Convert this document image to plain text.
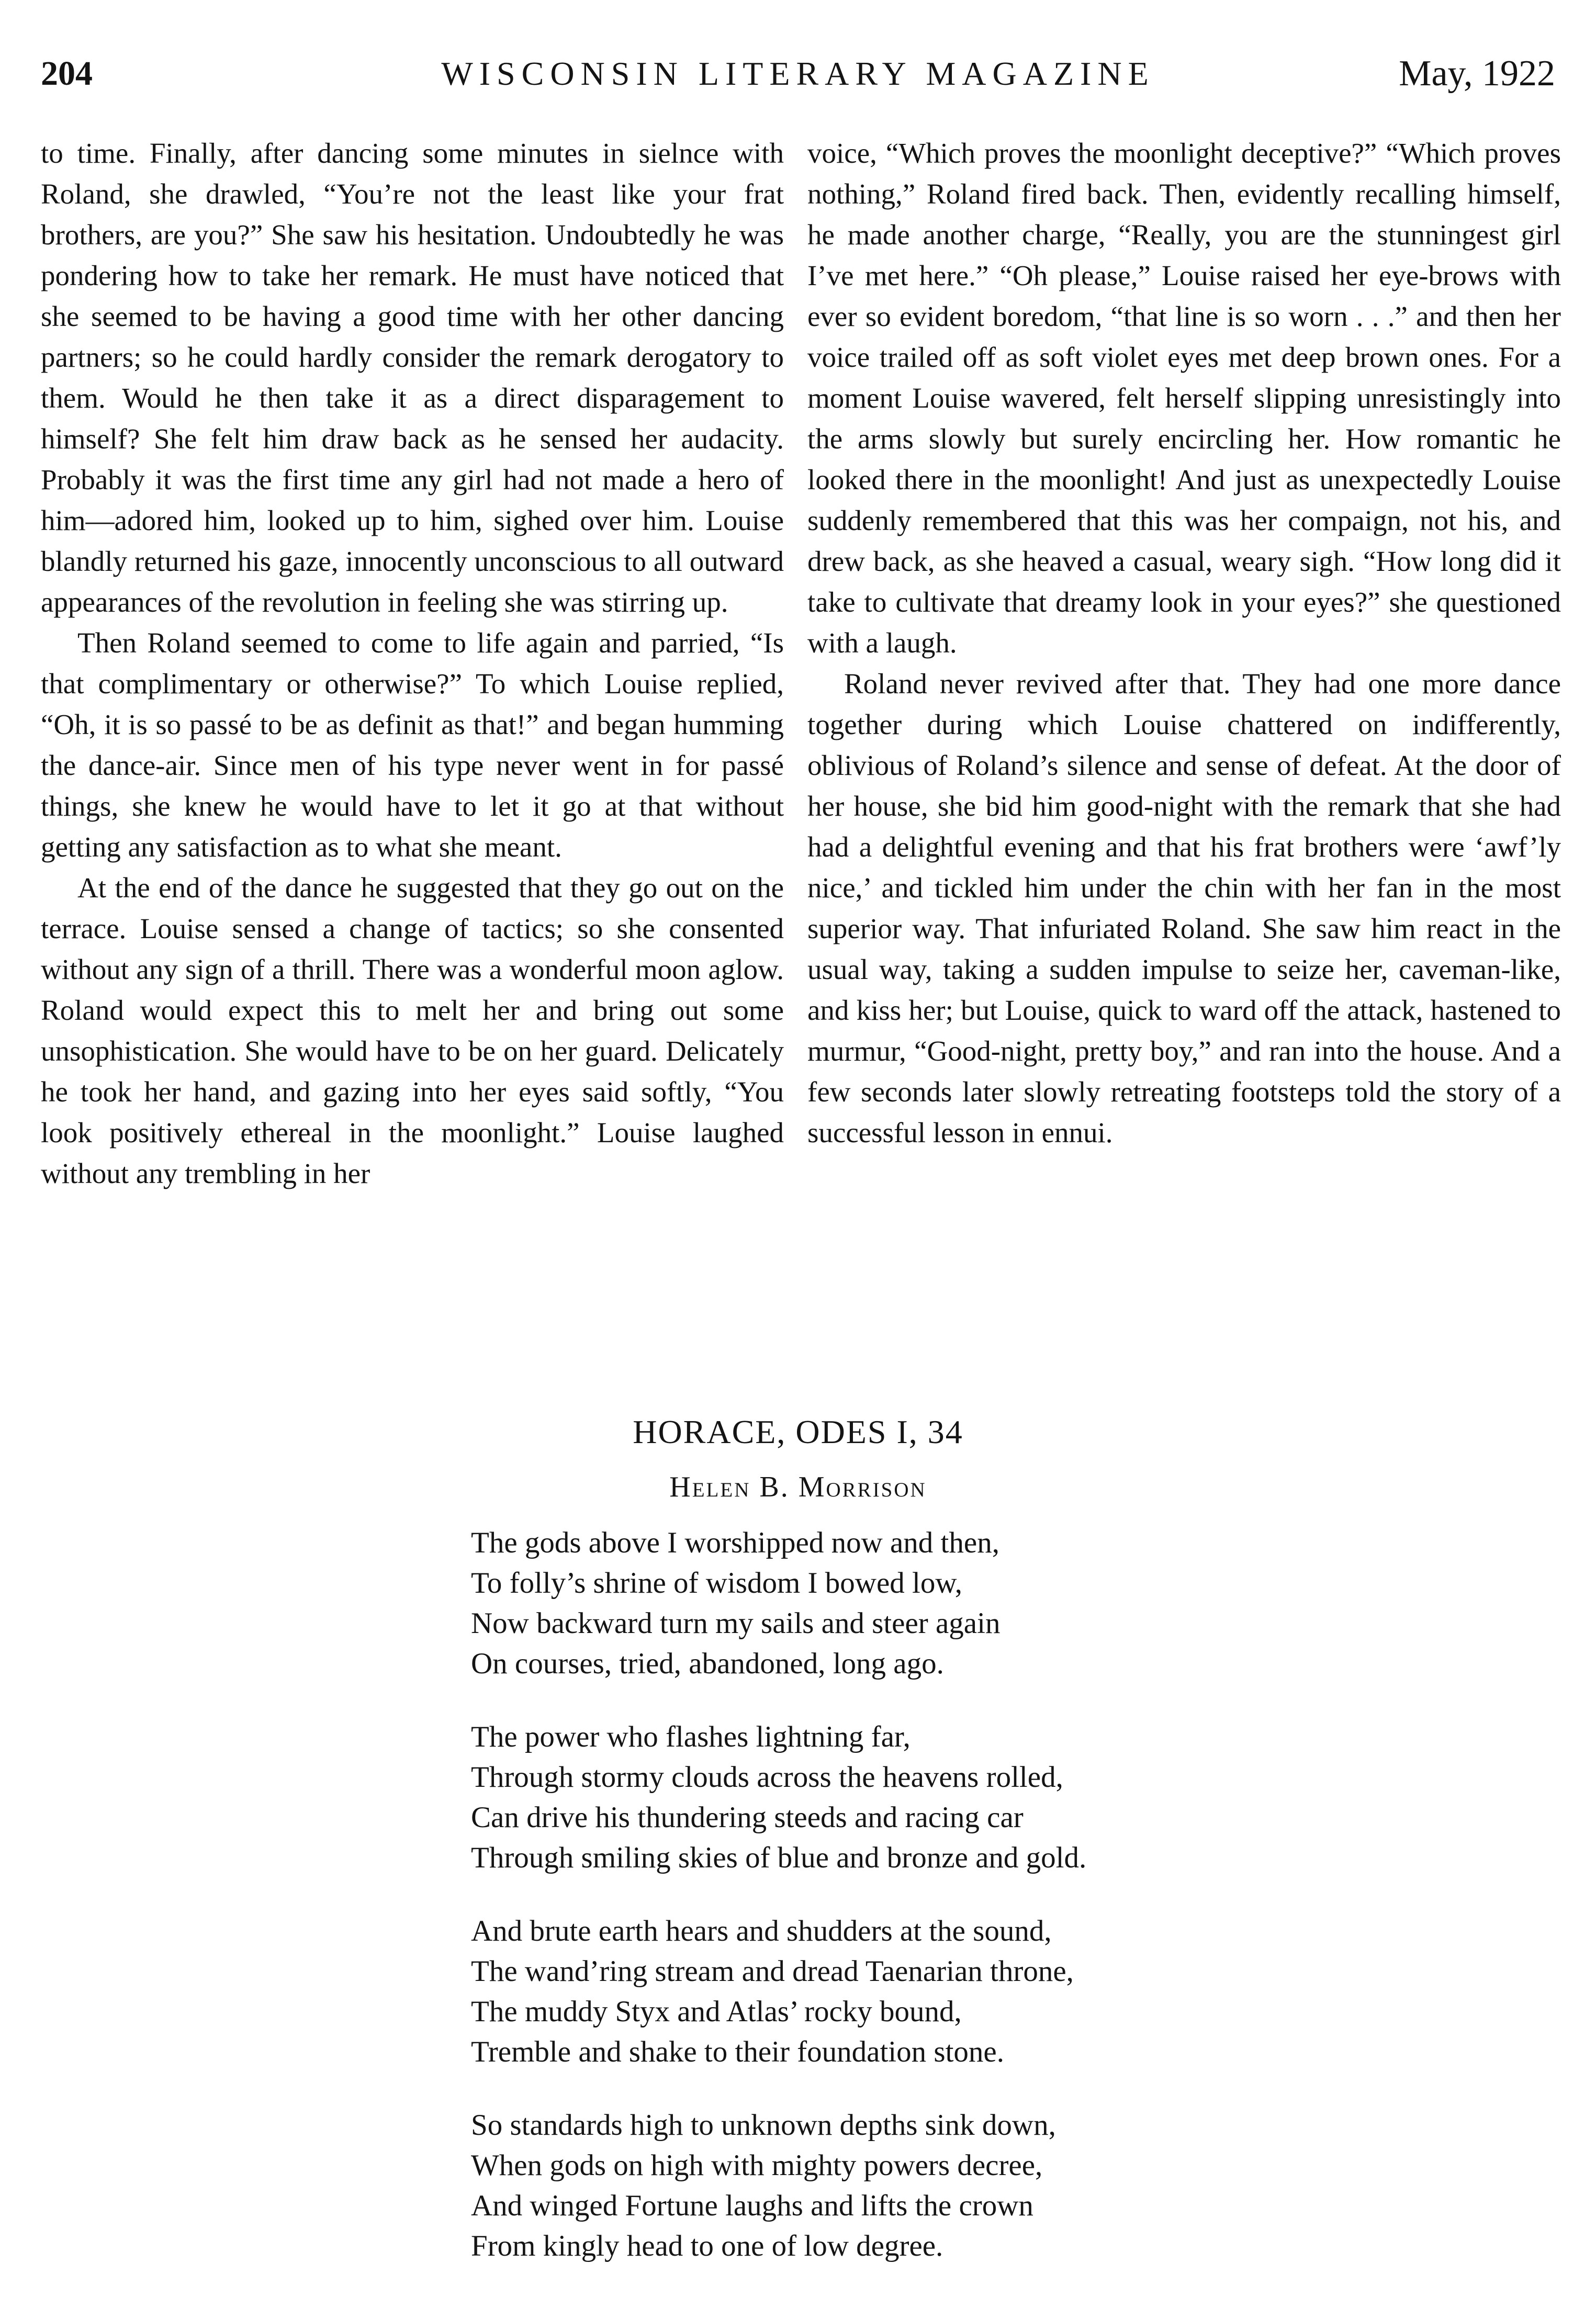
204	WISCONSIN LITERARY MAGAZINE	May, 1922

to time. Finally, after dancing some minutes in sielnce with Roland, she drawled, “You’re not the least like your frat brothers, are you?” She saw his hesitation. Undoubtedly he was pondering how to take her remark. He must have noticed that she seemed to be having a good time with her other dancing partners; so he could hardly consider the remark derogatory to them. Would he then take it as a direct disparagement to himself? She felt him draw back as he sensed her audacity. Probably it was the first time any girl had not made a hero of him—adored him, looked up to him, sighed over him. Louise blandly returned his gaze, innocently unconscious to all outward appearances of the revolution in feeling she was stirring up.

Then Roland seemed to come to life again and parried, “Is that complimentary or otherwise?” To which Louise replied, “Oh, it is so passé to be as definit as that!” and began humming the dance-air. Since men of his type never went in for passé things, she knew he would have to let it go at that without getting any satisfaction as to what she meant.

At the end of the dance he suggested that they go out on the terrace. Louise sensed a change of tactics; so she consented without any sign of a thrill. There was a wonderful moon aglow. Roland would expect this to melt her and bring out some unsophistication. She would have to be on her guard. Delicately he took her hand, and gazing into her eyes said softly, “You look positively ethereal in the moonlight.” Louise laughed without any trembling in her

voice, “Which proves the moonlight deceptive?” “Which proves nothing,” Roland fired back. Then, evidently recalling himself, he made another charge, “Really, you are the stunningest girl I’ve met here.” “Oh please,” Louise raised her eye-brows with ever so evident boredom, “that line is so worn . . .” and then her voice trailed off as soft violet eyes met deep brown ones. For a moment Louise wavered, felt herself slipping unresistingly into the arms slowly but surely encircling her. How romantic he looked there in the moonlight! And just as unexpectedly Louise suddenly remembered that this was her compaign, not his, and drew back, as she heaved a casual, weary sigh. “How long did it take to cultivate that dreamy look in your eyes?” she questioned with a laugh.

Roland never revived after that. They had one more dance together during which Louise chattered on indifferently, oblivious of Roland’s silence and sense of defeat. At the door of her house, she bid him good-night with the remark that she had had a delightful evening and that his frat brothers were ‘awf’ly nice,’ and tickled him under the chin with her fan in the most superior way. That infuriated Roland. She saw him react in the usual way, taking a sudden impulse to seize her, caveman-like, and kiss her; but Louise, quick to ward off the attack, hastened to murmur, “Good-night, pretty boy,” and ran into the house. And a few seconds later slowly retreating footsteps told the story of a successful lesson in ennui.

HORACE, ODES I, 34
Helen B. Morrison
The gods above I worshipped now and then,
To folly’s shrine of wisdom I bowed low,
Now backward turn my sails and steer again
On courses, tried, abandoned, long ago.
The power who flashes lightning far,
Through stormy clouds across the heavens rolled,
Can drive his thundering steeds and racing car
Through smiling skies of blue and bronze and gold.
And brute earth hears and shudders at the sound,
The wand’ring stream and dread Taenarian throne,
The muddy Styx and Atlas’ rocky bound,
Tremble and shake to their foundation stone.
So standards high to unknown depths sink down,
When gods on high with mighty powers decree,
And winged Fortune laughs and lifts the crown
From kingly head to one of low degree.
